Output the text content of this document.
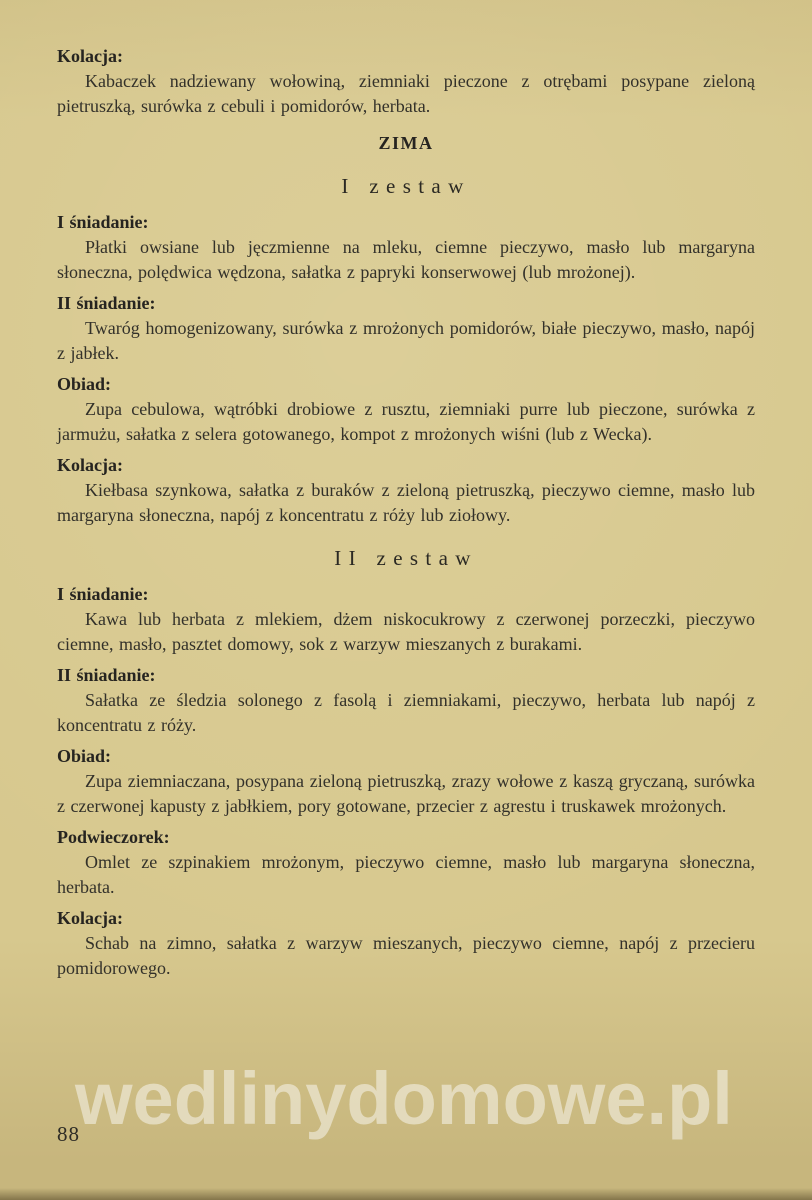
Kolacja:

Kabaczek nadziewany wołowiną, ziemniaki pieczone z otrębami posypane zieloną pietruszką, surówka z cebuli i pomidorów, herbata.

ZIMA
I zestaw
I śniadanie:

Płatki owsiane lub jęczmienne na mleku, ciemne pieczywo, masło lub margaryna słoneczna, polędwica wędzona, sałatka z papryki konserwowej (lub mrożonej).

II śniadanie:

Twaróg homogenizowany, surówka z mrożonych pomidorów, białe pieczywo, masło, napój z jabłek.

Obiad:

Zupa cebulowa, wątróbki drobiowe z rusztu, ziemniaki purre lub pieczone, surówka z jarmużu, sałatka z selera gotowanego, kompot z mrożonych wiśni (lub z Wecka).

Kolacja:

Kiełbasa szynkowa, sałatka z buraków z zieloną pietruszką, pieczywo ciemne, masło lub margaryna słoneczna, napój z koncentratu z róży lub ziołowy.

II zestaw
I śniadanie:

Kawa lub herbata z mlekiem, dżem niskocukrowy z czerwonej porzeczki, pieczywo ciemne, masło, pasztet domowy, sok z warzyw mieszanych z burakami.

II śniadanie:

Sałatka ze śledzia solonego z fasolą i ziemniakami, pieczywo, herbata lub napój z koncentratu z róży.

Obiad:

Zupa ziemniaczana, posypana zieloną pietruszką, zrazy wołowe z kaszą gryczaną, surówka z czerwonej kapusty z jabłkiem, pory gotowane, przecier z agrestu i truskawek mrożonych.

Podwieczorek:

Omlet ze szpinakiem mrożonym, pieczywo ciemne, masło lub margaryna słoneczna, herbata.

Kolacja:

Schab na zimno, sałatka z warzyw mieszanych, pieczywo ciemne, napój z przecieru pomidorowego.

88
wedlinydomowe.pl
